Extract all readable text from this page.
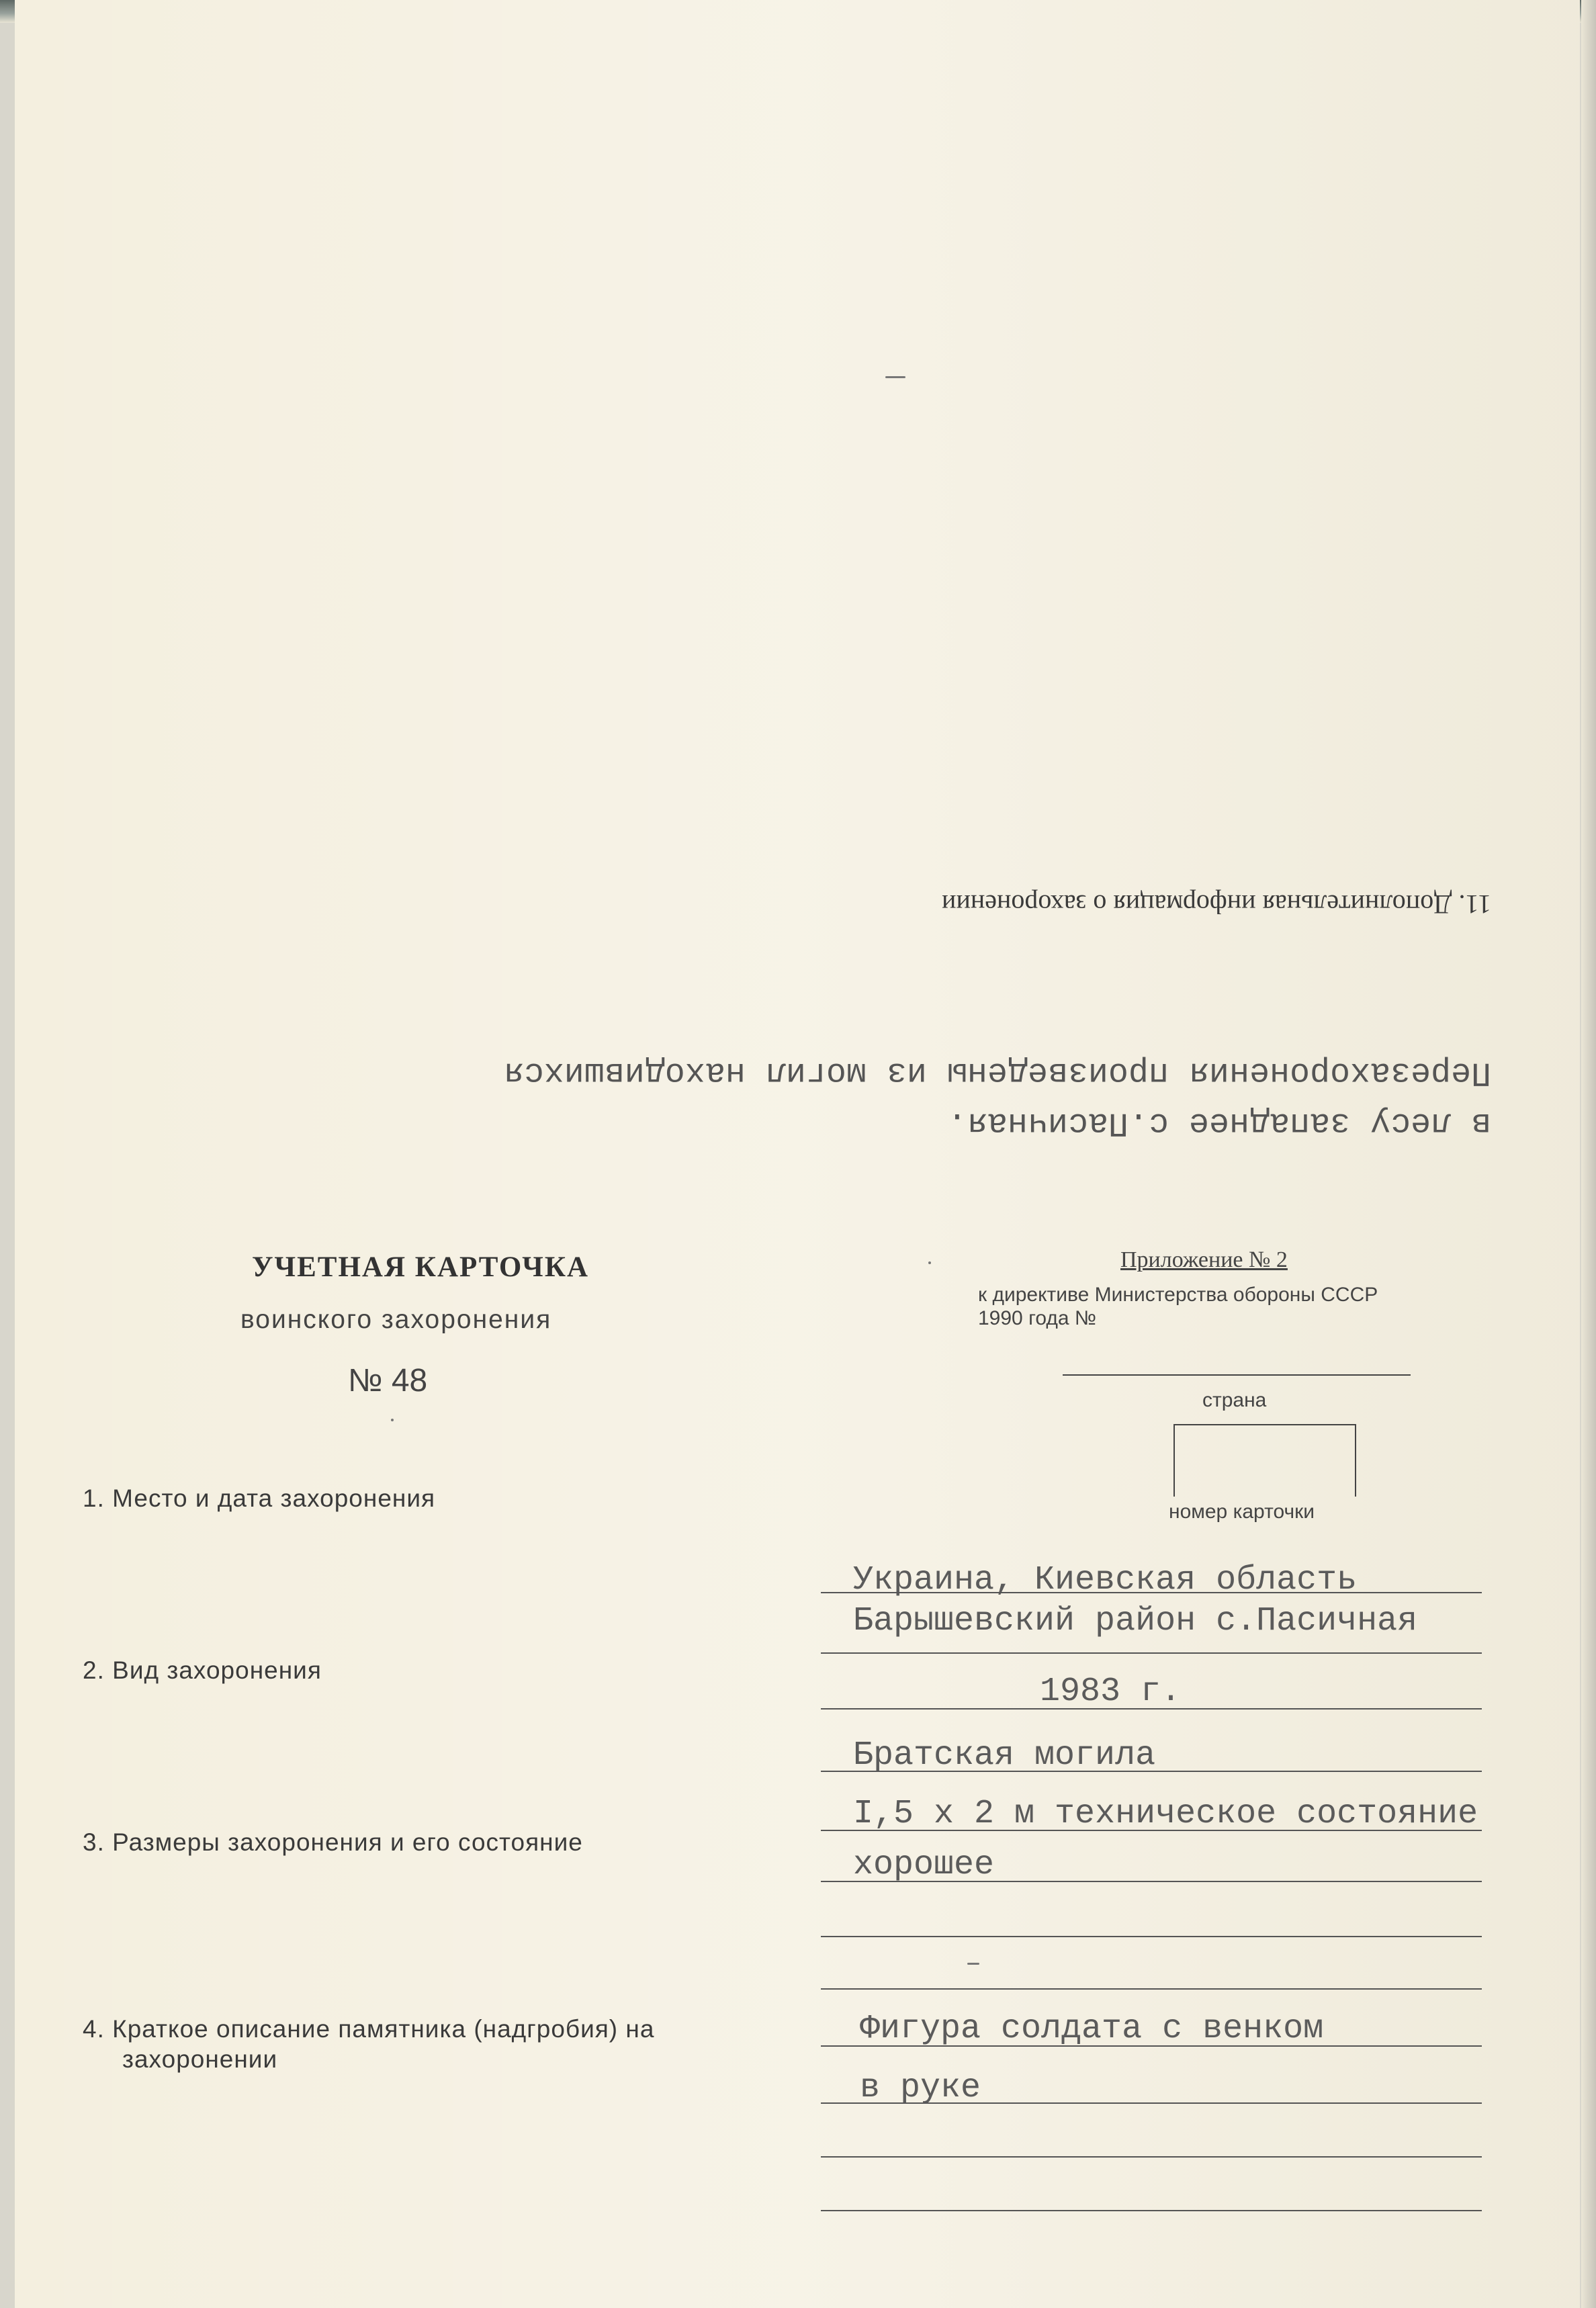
в лесу западнее с.Пасичная.
Перезахоронения произведены из могил находившихся
11. Дополнительная информация о захоронении
УЧЕТНАЯ КАРТОЧКА
воинского захоронения
№ 48
Приложение № 2
к директиве Министерства обороны СССР
1990 года №
страна
номер карточки
1. Место и дата захоронения
Украина, Киевская область
Барышевский район с.Пасичная
1983 г.
2. Вид захоронения
Братская могила
3. Размеры захоронения и его состояние
I,5 х 2 м техническое состояние
хорошее
4. Краткое описание памятника (надгробия) на
захоронении
Фигура солдата с венком
в руке
